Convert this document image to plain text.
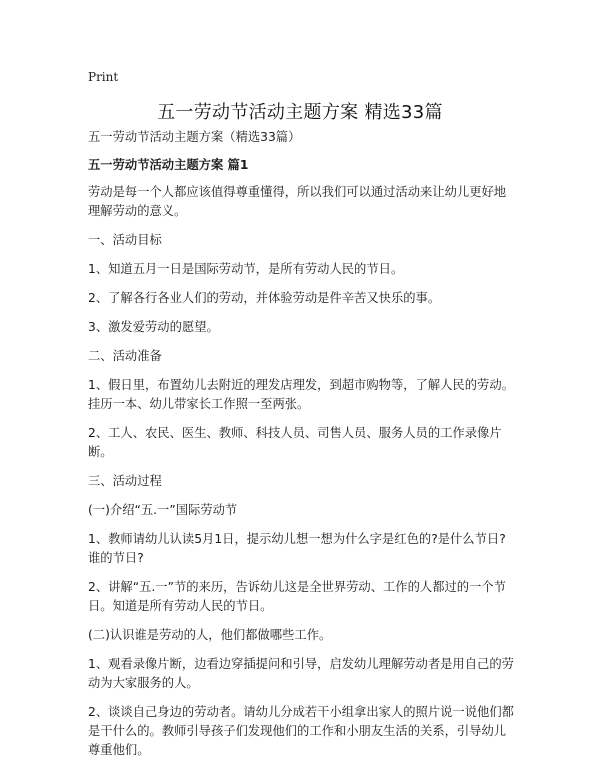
Print
五一劳动节活动主题方案 精选33篇

五一劳动节活动主题方案（精选33篇）

五一劳动节活动主题方案 篇1

劳动是每一个人都应该值得尊重懂得，所以我们可以通过活动来让幼儿更好地理解劳动的意义。

一、活动目标

1、知道五月一日是国际劳动节，是所有劳动人民的节日。

2、了解各行各业人们的劳动，并体验劳动是件辛苦又快乐的事。

3、激发爱劳动的愿望。

二、活动准备

1、假日里，布置幼儿去附近的理发店理发，到超市购物等，了解人民的劳动。挂历一本、幼儿带家长工作照一至两张。

2、工人、农民、医生、教师、科技人员、司售人员、服务人员的工作录像片断。

三、活动过程

(一)介绍“五.一”国际劳动节

1、教师请幼儿认读5月1日，提示幼儿想一想为什么字是红色的?是什么节日?谁的节日?

2、讲解“五.一”节的来历，告诉幼儿这是全世界劳动、工作的人都过的一个节日。知道是所有劳动人民的节日。

(二)认识谁是劳动的人，他们都做哪些工作。

1、观看录像片断，边看边穿插提问和引导，启发幼儿理解劳动者是用自己的劳动为大家服务的人。

2、谈谈自己身边的劳动者。请幼儿分成若干小组拿出家人的照片说一说他们都是干什么的。教师引导孩子们发现他们的工作和小朋友生活的关系，引导幼儿尊重他们。
